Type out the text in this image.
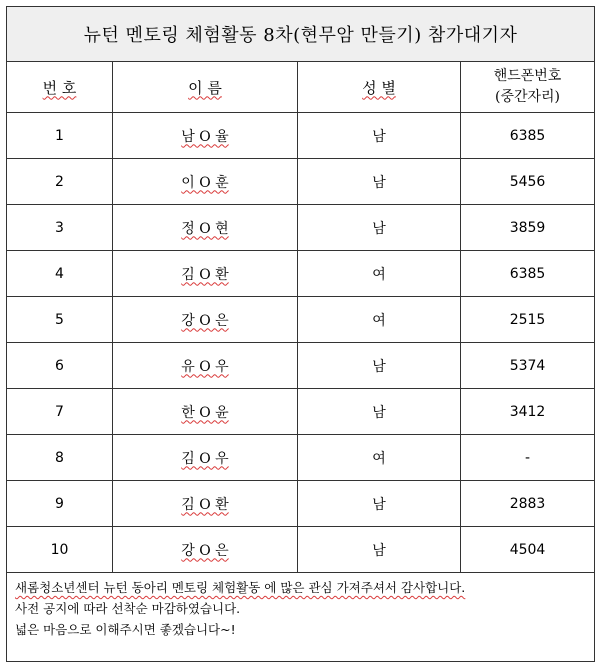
뉴턴 멘토링 체험활동 8차(현무암 만들기) 참가대기자			
번 호	이 름	성 별	핸드폰번호
(중간자리)
1	남 O 율	남	6385
2	이 O 훈	남	5456
3	정 O 현	남	3859
4	김 O 환	여	6385
5	강 O 은	여	2515
6	유 O 우	남	5374
7	한 O 윤	남	3412
8	김 O 우	여	-
9	김 O 환	남	2883
10	강 O 은	남	4504

새롬청소년센터 뉴턴 동아리 멘토링 체험활동 에 많은 관심 가져주셔서 감사합니다.
사전 공지에 따라 선착순 마감하였습니다.
넓은 마음으로 이해주시면 좋겠습니다~!			
